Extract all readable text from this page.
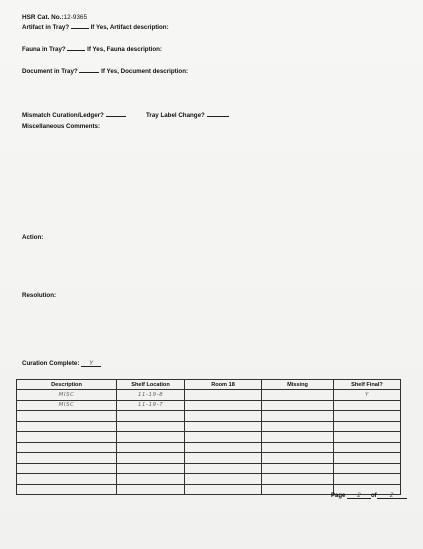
HSR Cat. No.:12-9365
Artifact in Tray?	If Yes, Artifact description:
Fauna in Tray?	If Yes, Fauna description:
Document in Tray?	If Yes, Document description:
Mismatch Curation/Ledger?	Tray Label Change?
Miscellaneous Comments:
Action:
Resolution:
Curation Complete: Y
Description	Shelf Location	Room 18	Missing	Shelf Final?
MISC	11-19-8			Y
MISC	11-19-7			

Page 2 of 2
